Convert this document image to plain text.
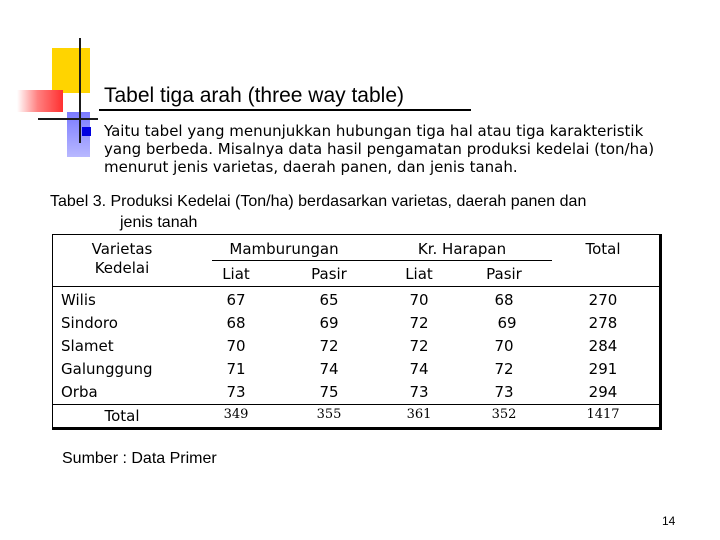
Tabel tiga arah (three way table)
Yaitu tabel yang menunjukkan hubungan tiga hal atau tiga karakteristik yang berbeda. Misalnya data hasil pengamatan produksi kedelai (ton/ha) menurut jenis varietas, daerah panen, dan jenis tanah.
Tabel 3. Produksi Kedelai (Ton/ha) berdasarkan varietas, daerah panen dan
jenis tanah
Varietas
Kedelai
Mamburungan	Kr. Harapan	Total
Liat	Pasir	Liat	Pasir
Wilis	67	65	70	68	270
Sindoro	68	69	72	69	278
Slamet	70	72	72	70	284
Galunggung	71	74	74	72	291
Orba	73	75	73	73	294
Total	349	355	361	352	1417
Sumber : Data Primer
14
